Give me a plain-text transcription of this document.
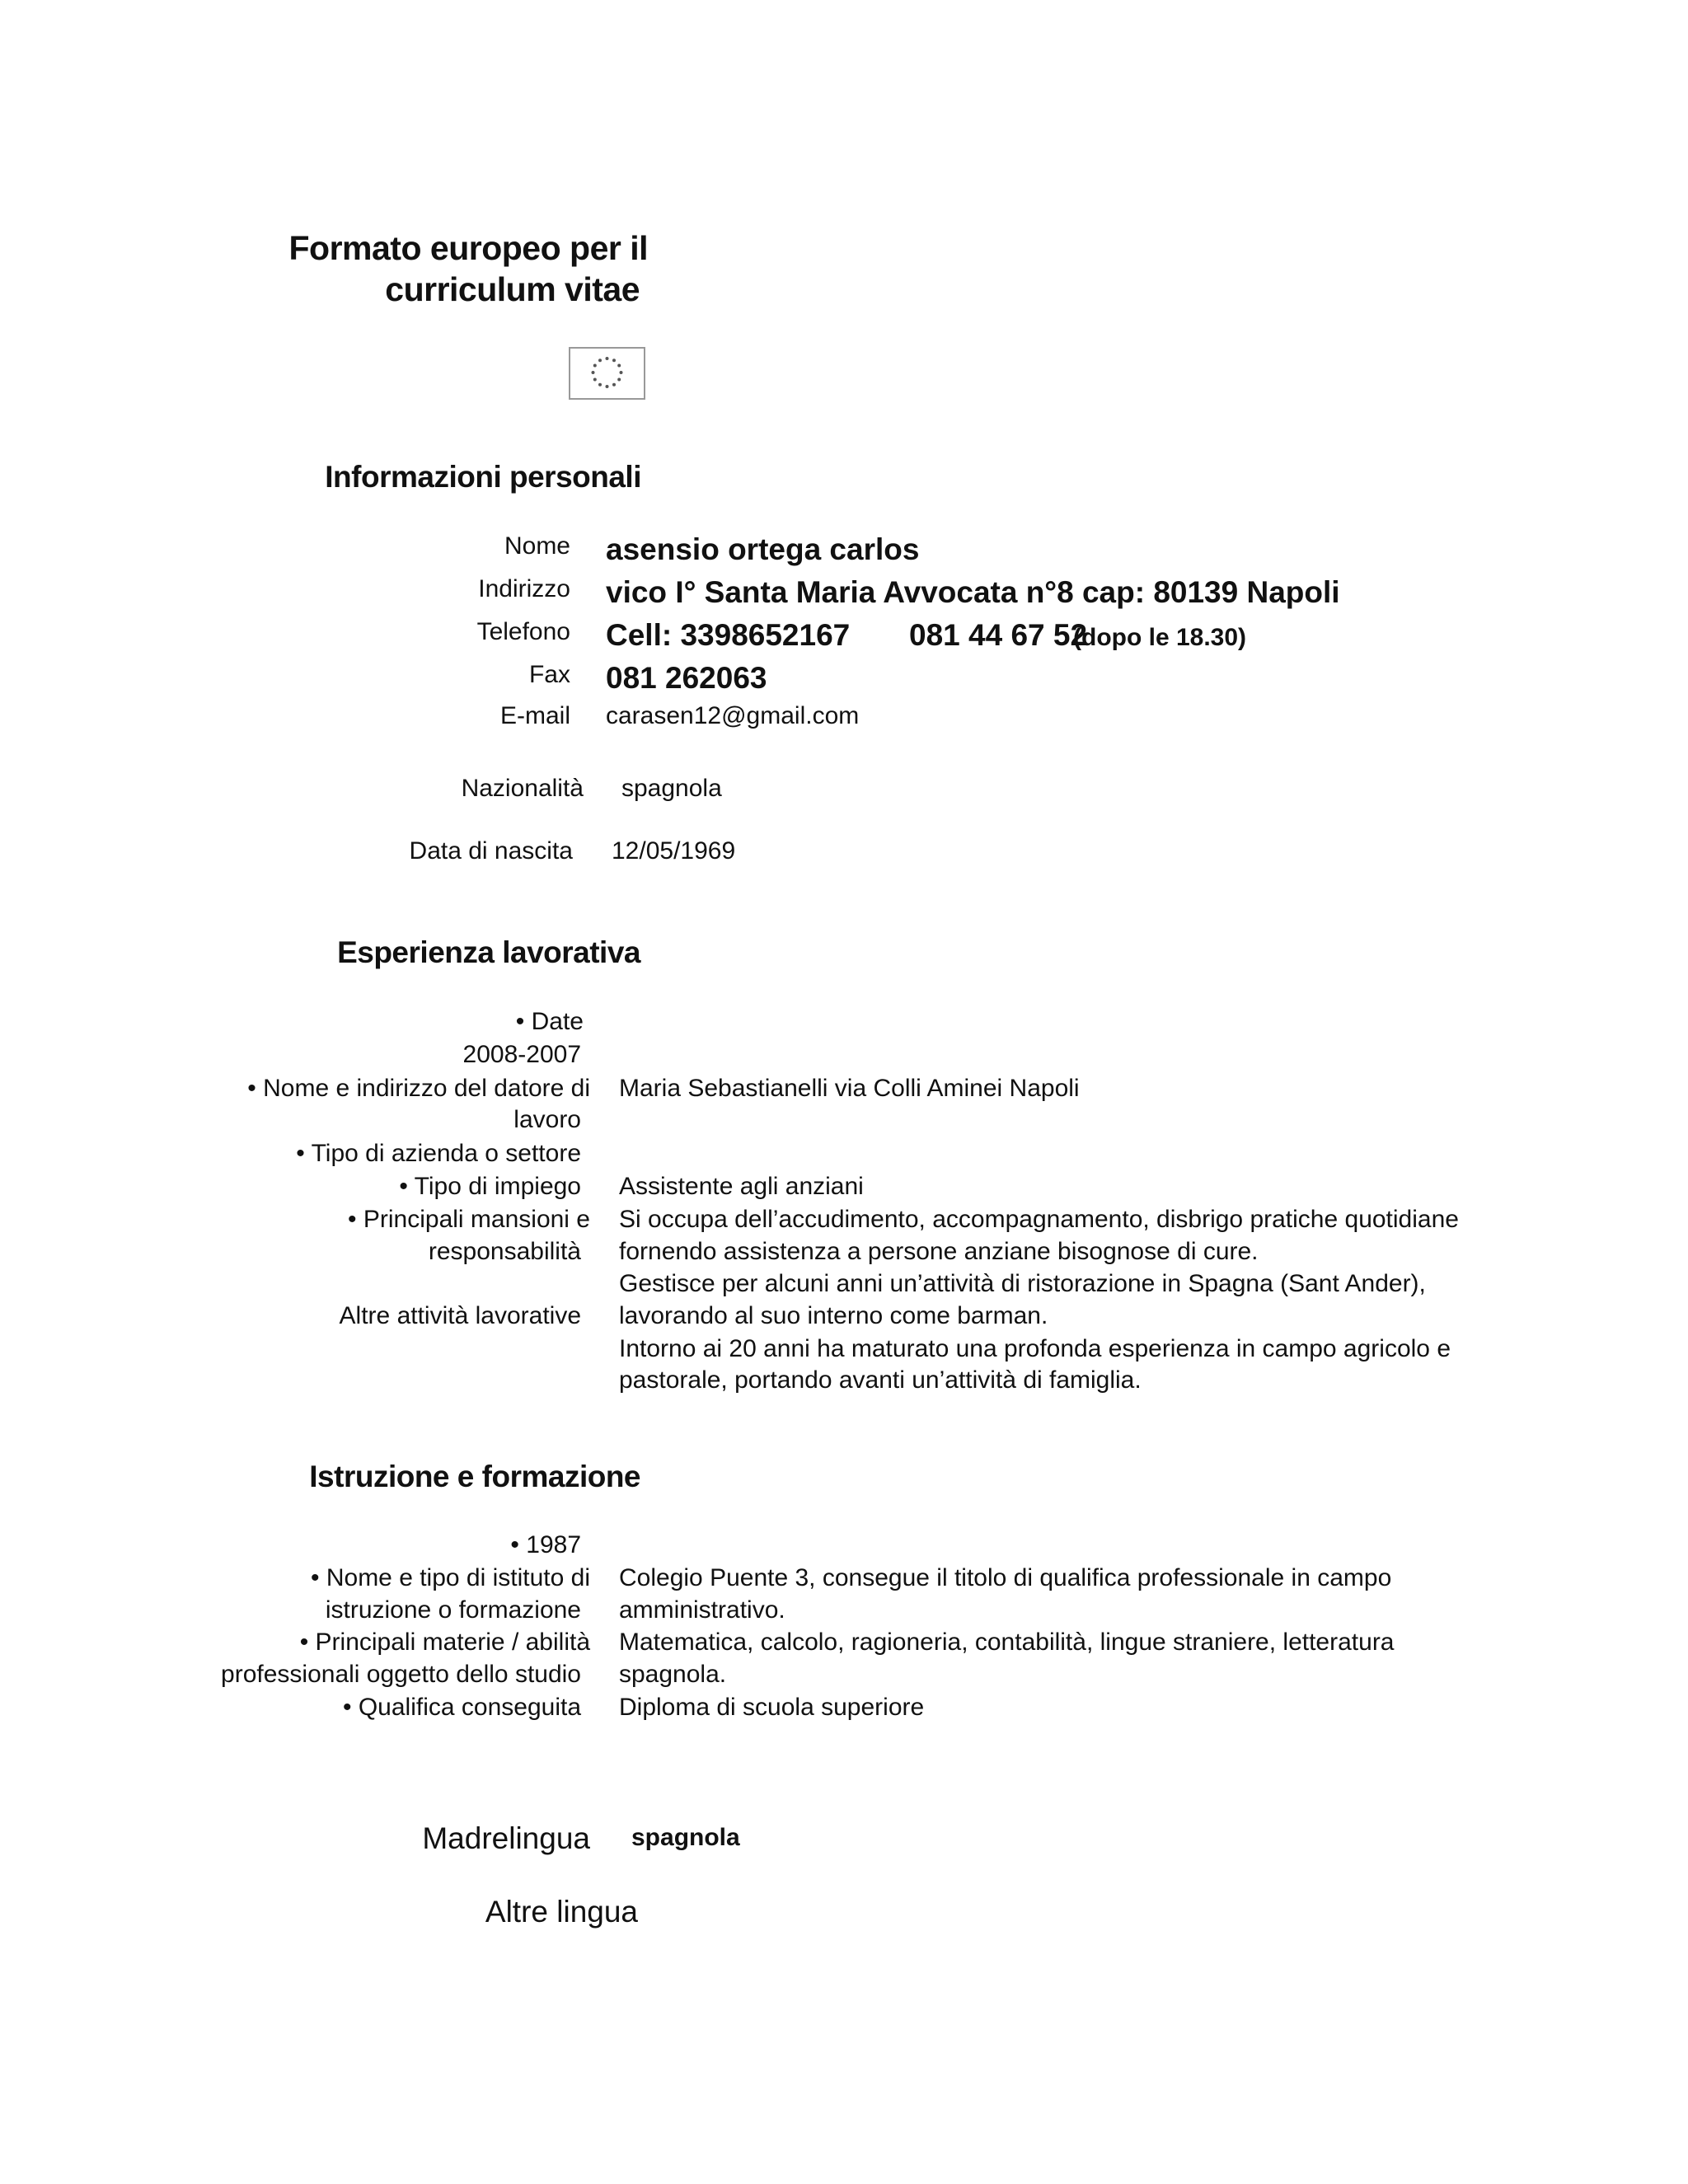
Formato europeo per il
curriculum vitae
Informazioni personali
Nome asensio ortega carlos
Indirizzo vico I° Santa Maria Avvocata n°8 cap: 80139 Napoli
Telefono Cell: 3398652167 081 44 67 52
(dopo le 18.30)
Fax 081 262063
E-mail carasen12@gmail.com
Nazionalità spagnola
Data di nascita 12/05/1969
Esperienza lavorativa
• Date
2008-2007
• Nome e indirizzo del datore di
lavoro
Maria Sebastianelli via Colli Aminei Napoli
• Tipo di azienda o settore
• Tipo di impiego Assistente agli anziani
• Principali mansioni e
responsabilità
Si occupa dell’accudimento, accompagnamento, disbrigo pratiche quotidiane
fornendo assistenza a persone anziane bisognose di cure.
Gestisce per alcuni anni un’attività di ristorazione in Spagna (Sant Ander),
Altre attività lavorative lavorando al suo interno come barman.
Intorno ai 20 anni ha maturato una profonda esperienza in campo agricolo e
pastorale, portando avanti un’attività di famiglia.
Istruzione e formazione
• 1987
• Nome e tipo di istituto di
istruzione o formazione
Colegio Puente 3, consegue il titolo di qualifica professionale in campo
amministrativo.
• Principali materie / abilità
professionali oggetto dello studio
Matematica, calcolo, ragioneria, contabilità, lingue straniere, letteratura
spagnola.
• Qualifica conseguita Diploma di scuola superiore
Madrelingua spagnola
Altre lingua
